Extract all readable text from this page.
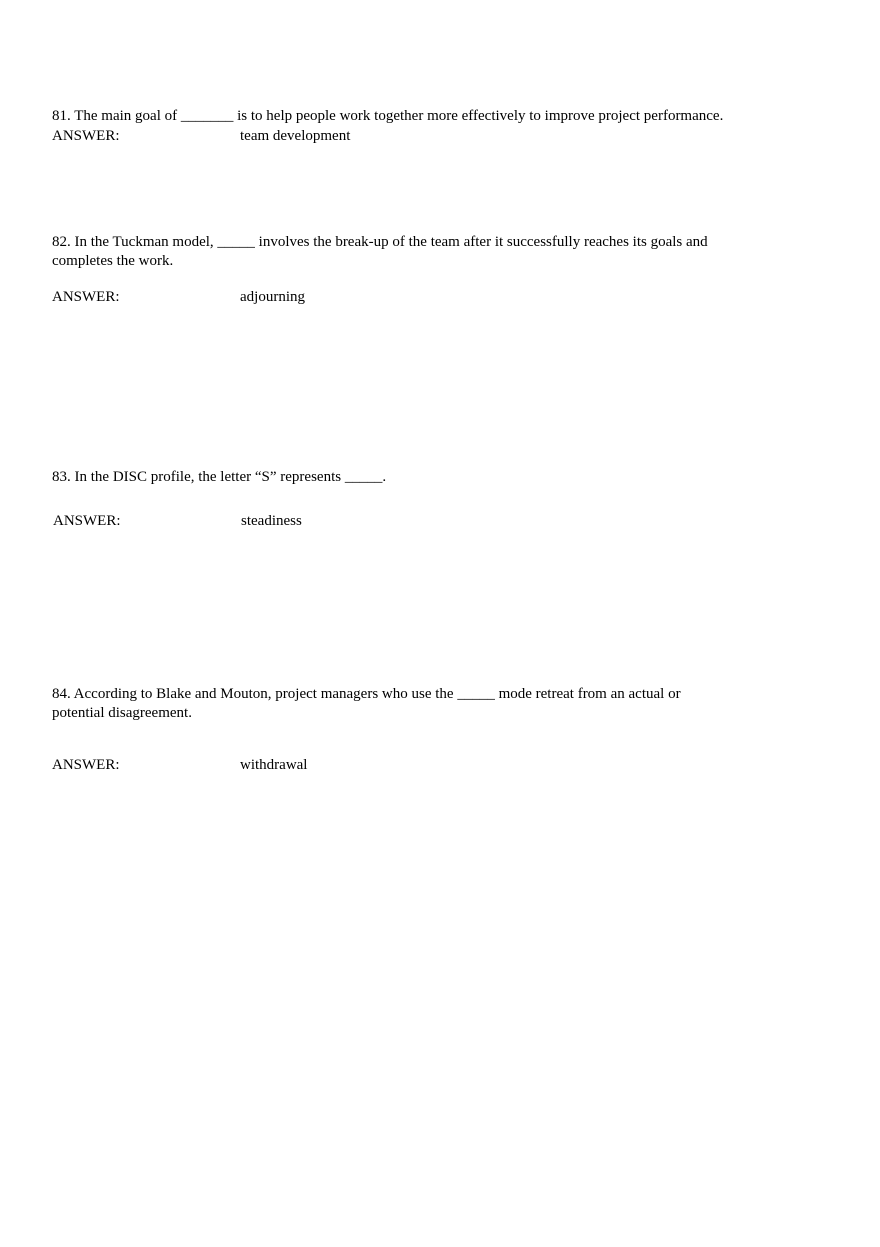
81. The main goal of _______ is to help people work together more effectively to improve project performance.

ANSWER:	team development

82. In the Tuckman model, _____ involves the break-up of the team after it successfully reaches its goals and completes the work.

ANSWER:	adjourning

83. In the DISC profile, the letter “S” represents _____.

ANSWER:	steadiness

84. According to Blake and Mouton, project managers who use the _____ mode retreat from an actual or potential disagreement.

ANSWER:	withdrawal
